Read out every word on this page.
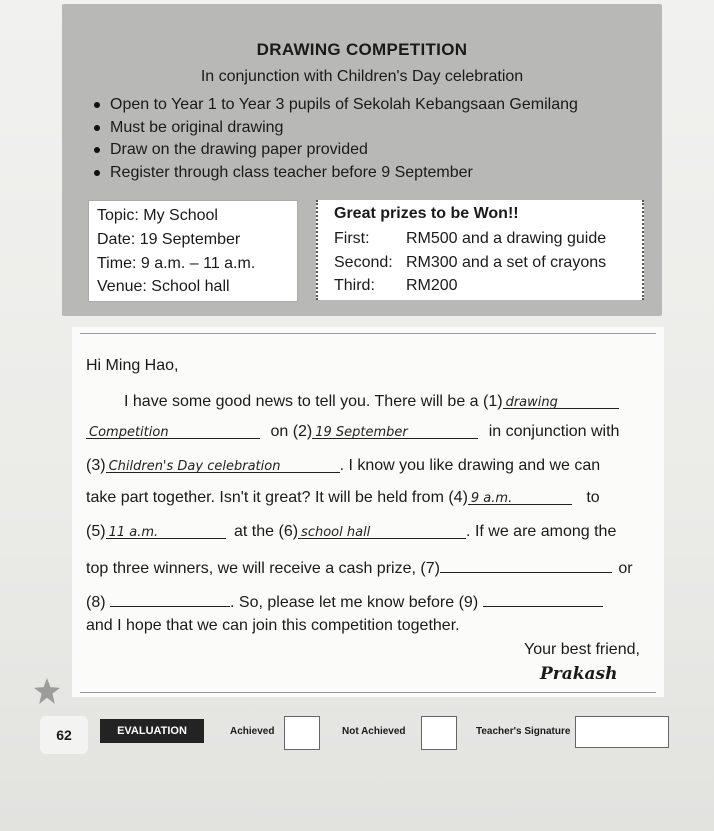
DRAWING COMPETITION
In conjunction with Children's Day celebration
Open to Year 1 to Year 3 pupils of Sekolah Kebangsaan Gemilang
Must be original drawing
Draw on the drawing paper provided
Register through class teacher before 9 September
Topic: My School
Date: 19 September
Time: 9 a.m. – 11 a.m.
Venue: School hall
Great prizes to be Won!!
First: RM500 and a drawing guide
Second: RM300 and a set of crayons
Third: RM200
Hi Ming Hao,
I have some good news to tell you. There will be a (1) drawing
Competition	on (2) 19 September	in conjunction with
(3) Children's Day celebration	. I know you like drawing and we can
take part together. Isn't it great? It will be held from (4) 9 a.m.	to
(5) 11 a.m.	at the (6) school hall	. If we are among the
top three winners, we will receive a cash prize, (7)	or
(8)	. So, please let me know before (9)
and I hope that we can join this competition together.
Your best friend,
Prakash
62	EVALUATION	Achieved	Not Achieved	Teacher's Signature
